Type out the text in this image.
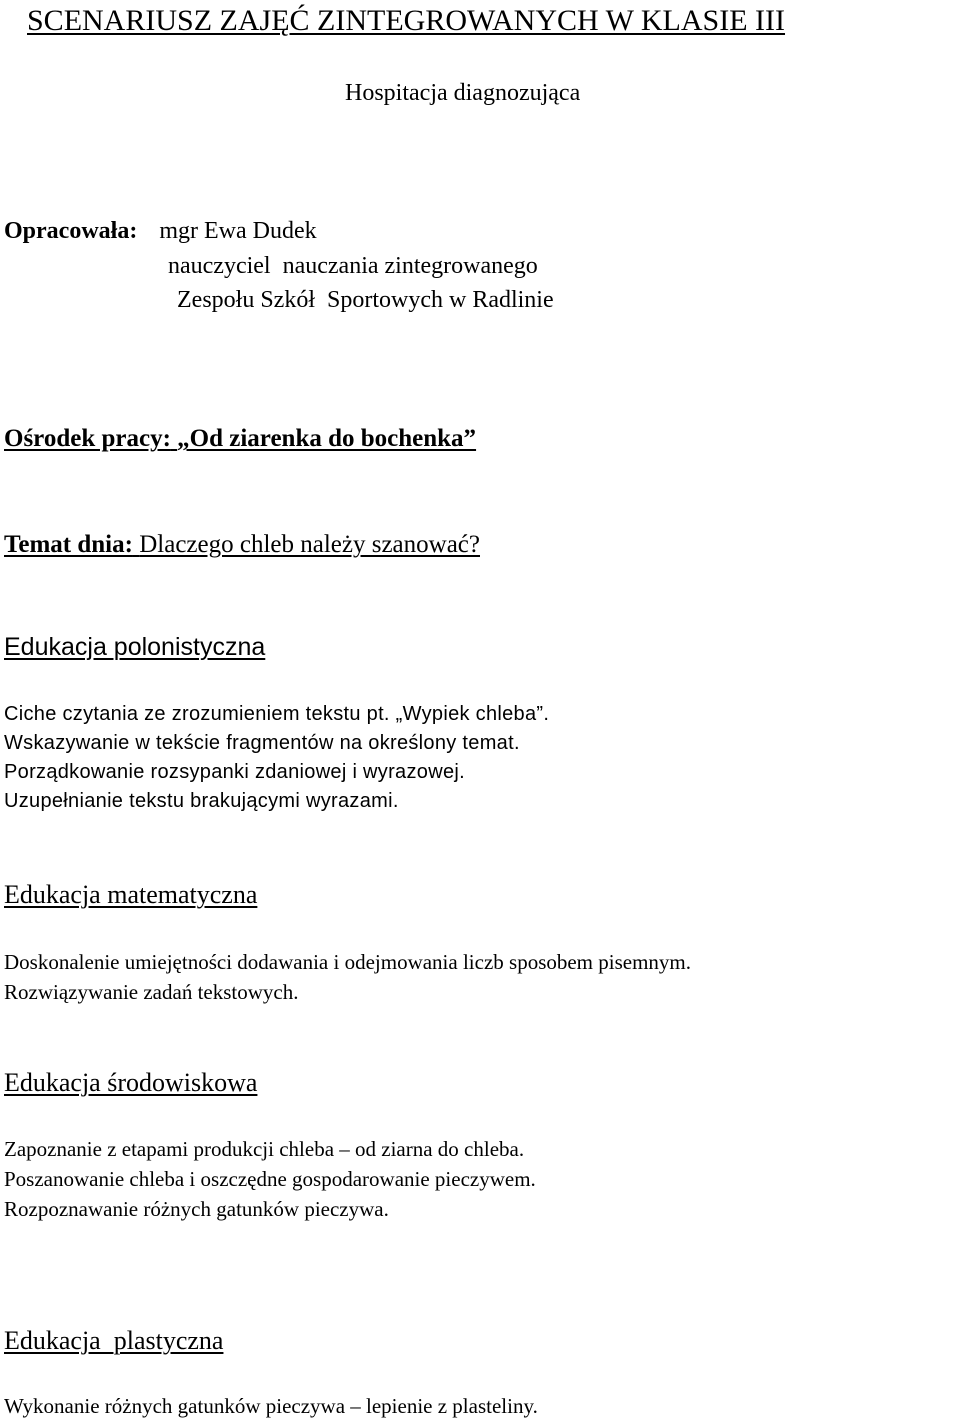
SCENARIUSZ ZAJĘĆ ZINTEGROWANYCH W KLASIE III
Hospitacja diagnozująca
Opracowała: mgr Ewa Dudek
nauczyciel  nauczania zintegrowanego
Zespołu Szkół  Sportowych w Radlinie
Ośrodek pracy: „Od ziarenka do bochenka”
Temat dnia: Dlaczego chleb należy szanować?
Edukacja polonistyczna
Ciche czytania ze zrozumieniem tekstu pt. „Wypiek chleba”.
Wskazywanie w tekście fragmentów na określony temat.
Porządkowanie rozsypanki zdaniowej i wyrazowej.
Uzupełnianie tekstu brakującymi wyrazami.
Edukacja matematyczna
Doskonalenie umiejętności dodawania i odejmowania liczb sposobem pisemnym.
Rozwiązywanie zadań tekstowych.
Edukacja środowiskowa
Zapoznanie z etapami produkcji chleba – od ziarna do chleba.
Poszanowanie chleba i oszczędne gospodarowanie pieczywem.
Rozpoznawanie różnych gatunków pieczywa.
Edukacja  plastyczna
Wykonanie różnych gatunków pieczywa – lepienie z plasteliny.
